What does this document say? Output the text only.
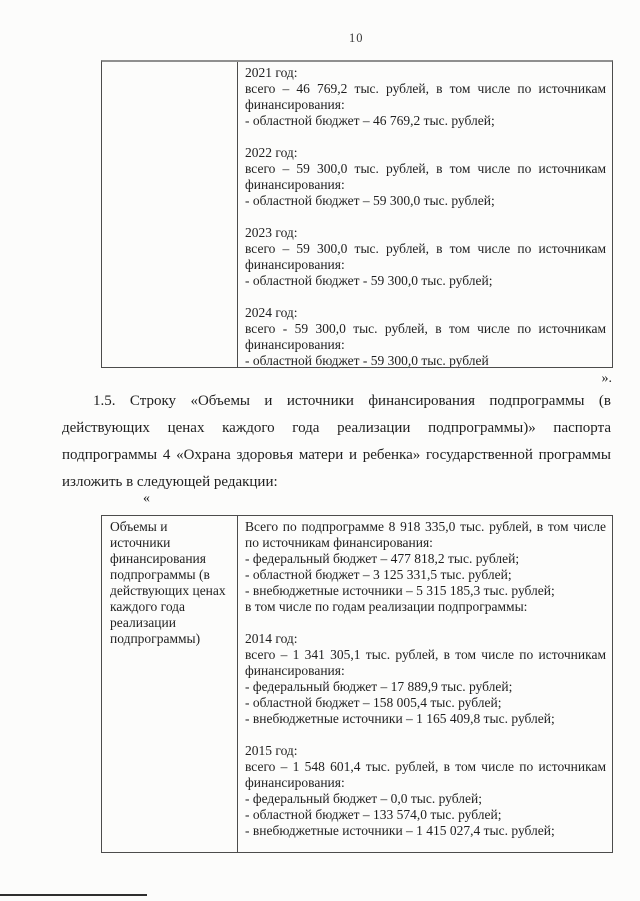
10

2021 год:

всего – 46 769,2 тыс. рублей, в том числе по источникам финансирования:

- областной бюджет – 46 769,2 тыс. рублей;

2022 год:

всего – 59 300,0 тыс. рублей, в том числе по источникам финансирования:

- областной бюджет – 59 300,0 тыс. рублей;

2023 год:

всего – 59 300,0 тыс. рублей, в том числе по источникам финансирования:

- областной бюджет - 59 300,0 тыс. рублей;

2024 год:

всего - 59 300,0 тыс. рублей, в том числе по источникам финансирования:

- областной бюджет - 59 300,0 тыс. рублей

».
1.5. Строку «Объемы и источники финансирования подпрограммы (в действующих ценах каждого года реализации подпрограммы)» паспорта подпрограммы 4 «Охрана здоровья матери и ребенка» государственной программы изложить в следующей редакции:
«

Объемы и

источники

финансирования

подпрограммы (в

действующих ценах

каждого года

реализации

подпрограммы)

Всего по подпрограмме 8 918 335,0 тыс. рублей, в том числе по источникам финансирования:

- федеральный бюджет – 477 818,2 тыс. рублей;

- областной бюджет – 3 125 331,5 тыс. рублей;

- внебюджетные источники – 5 315 185,3 тыс. рублей;

в том числе по годам реализации подпрограммы:

2014 год:

всего – 1 341 305,1 тыс. рублей, в том числе по источникам финансирования:

- федеральный бюджет – 17 889,9 тыс. рублей;

- областной бюджет – 158 005,4 тыс. рублей;

- внебюджетные источники – 1 165 409,8 тыс. рублей;

2015 год:

всего – 1 548 601,4 тыс. рублей, в том числе по источникам финансирования:

- федеральный бюджет – 0,0 тыс. рублей;

- областной бюджет – 133 574,0 тыс. рублей;

- внебюджетные источники – 1 415 027,4 тыс. рублей;
